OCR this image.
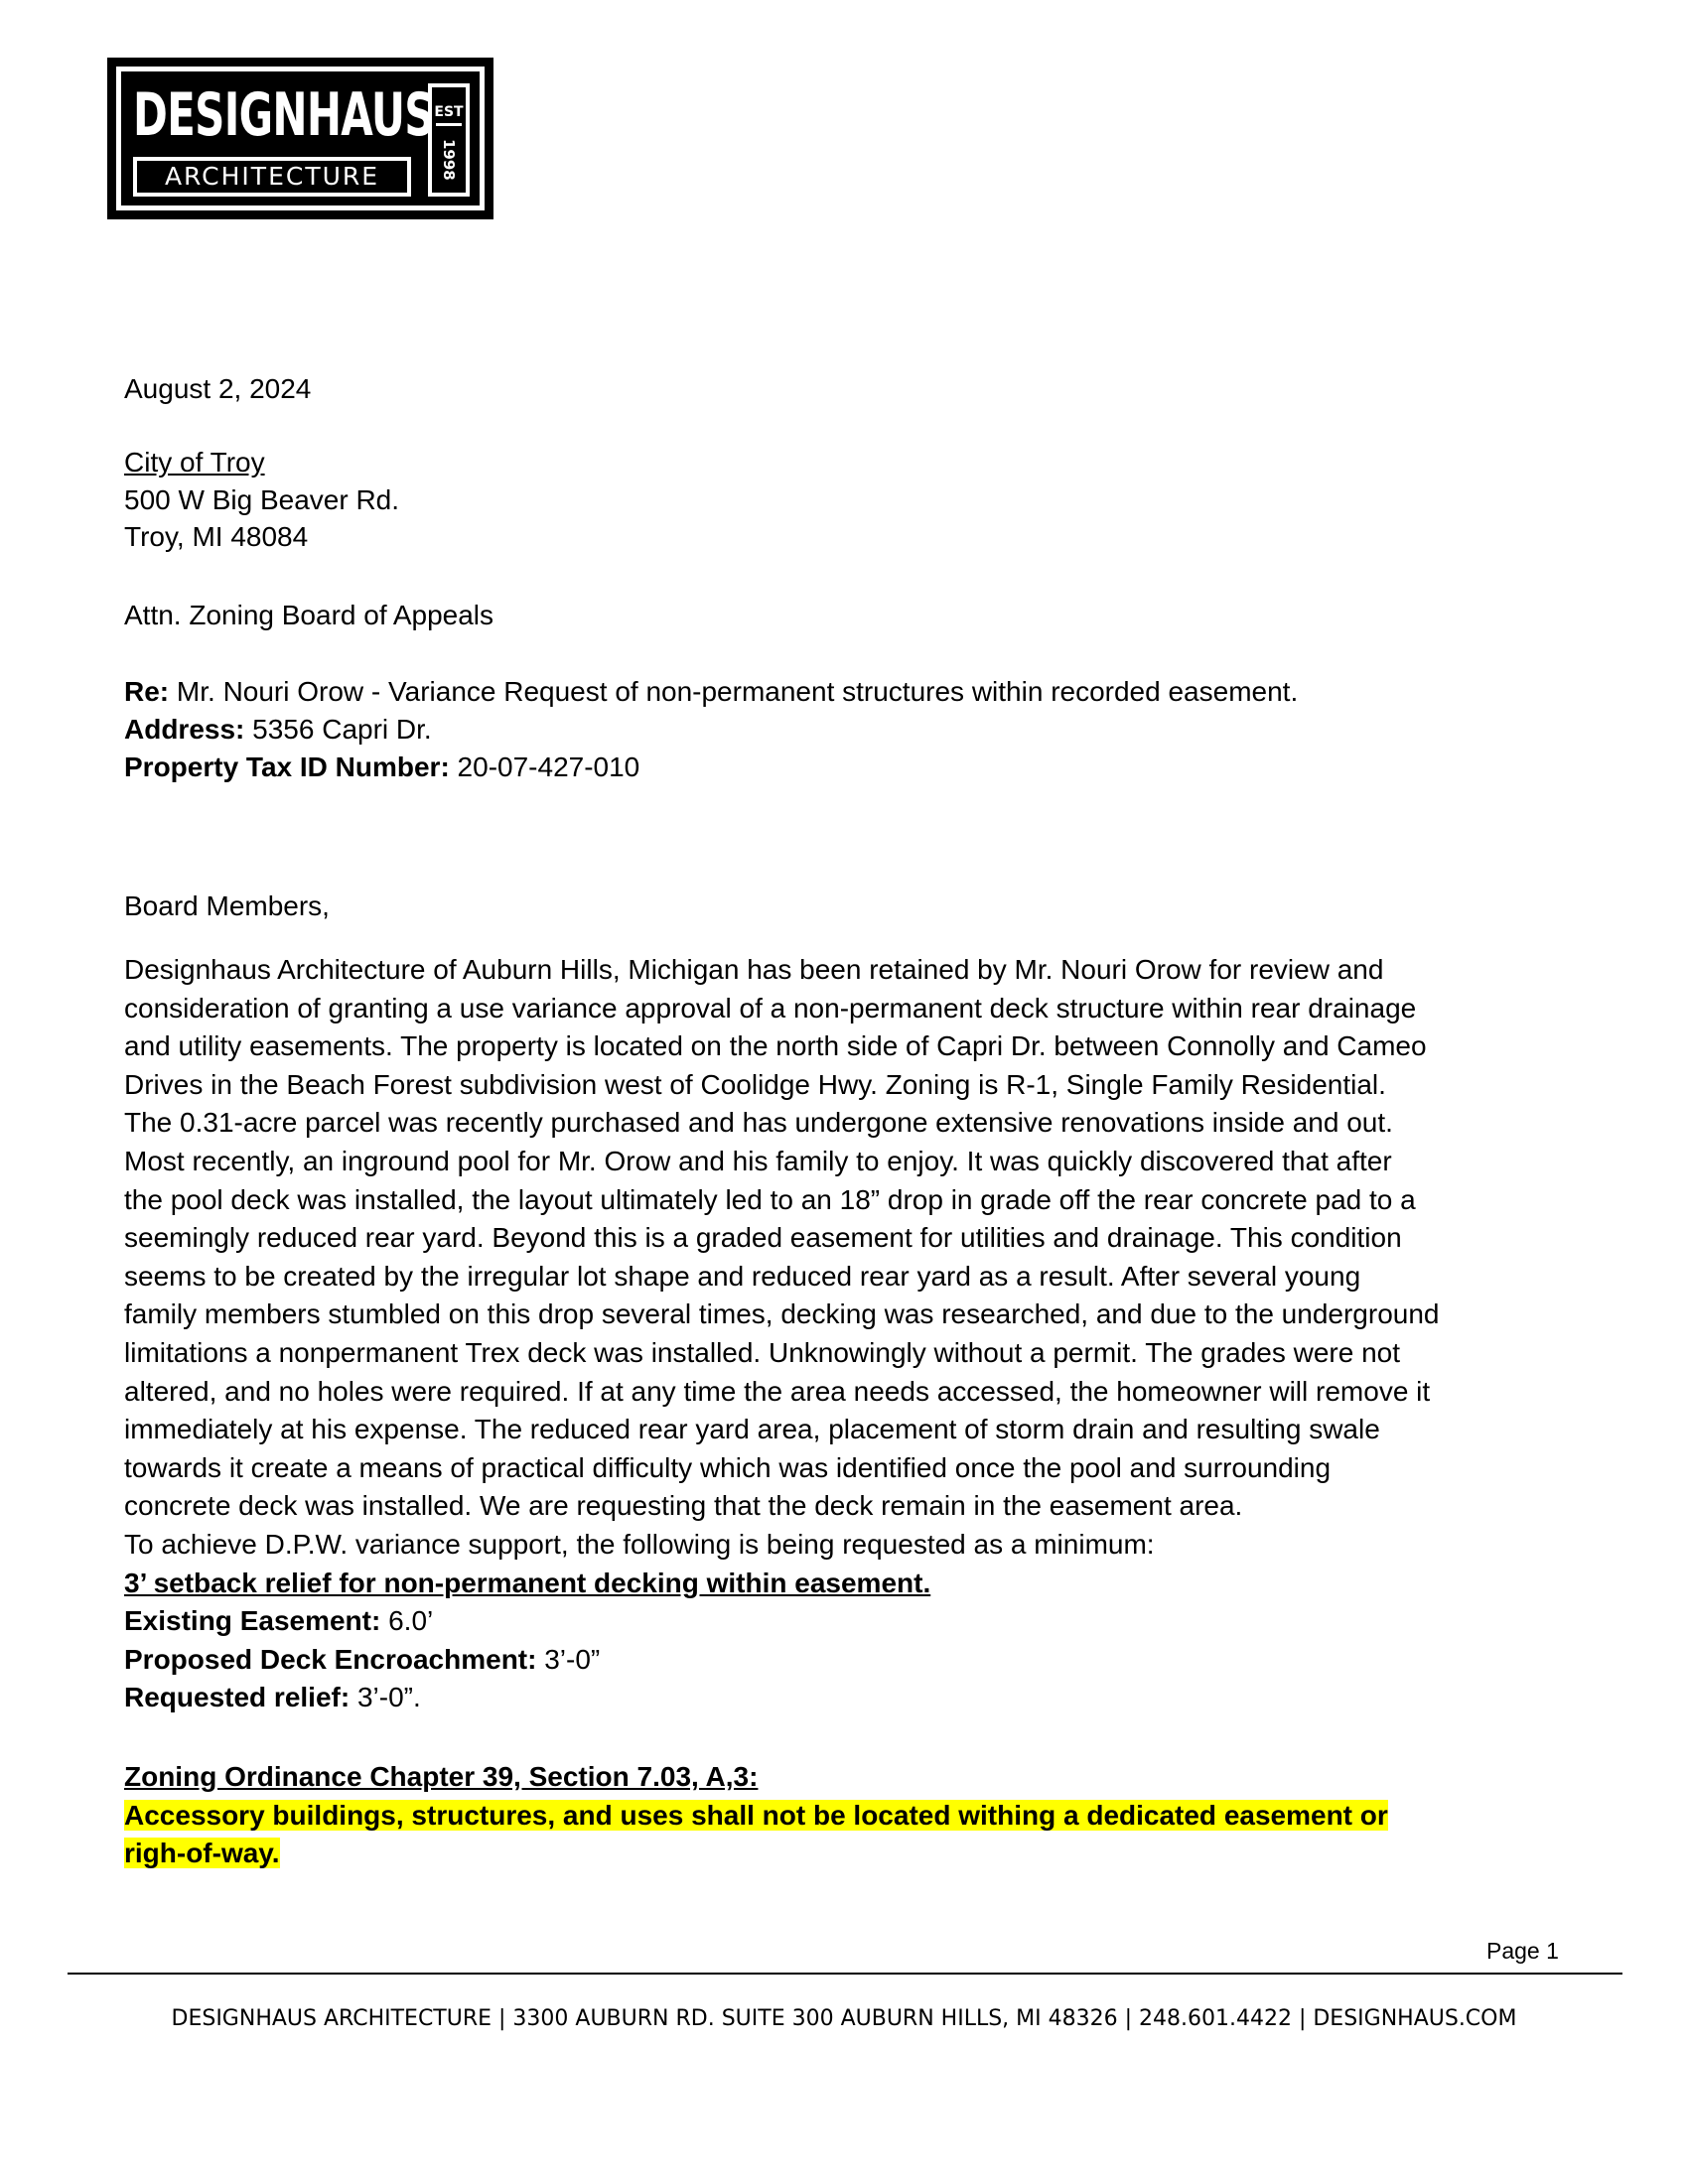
DESIGNHAUS
ARCHITECTURE
EST
1998
August 2, 2024
City of Troy
500 W Big Beaver Rd.
Troy, MI 48084
Attn. Zoning Board of Appeals
Re: Mr. Nouri Orow - Variance Request of non-permanent structures within recorded easement.
Address: 5356 Capri Dr.
Property Tax ID Number: 20-07-427-010
Board Members,
Designhaus Architecture of Auburn Hills, Michigan has been retained by Mr. Nouri Orow for review and
consideration of granting a use variance approval of a non-permanent deck structure within rear drainage
and utility easements. The property is located on the north side of Capri Dr. between Connolly and Cameo
Drives in the Beach Forest subdivision west of Coolidge Hwy. Zoning is R-1, Single Family Residential.
The 0.31-acre parcel was recently purchased and has undergone extensive renovations inside and out.
Most recently, an inground pool for Mr. Orow and his family to enjoy. It was quickly discovered that after
the pool deck was installed, the layout ultimately led to an 18” drop in grade off the rear concrete pad to a
seemingly reduced rear yard. Beyond this is a graded easement for utilities and drainage. This condition
seems to be created by the irregular lot shape and reduced rear yard as a result. After several young
family members stumbled on this drop several times, decking was researched, and due to the underground
limitations a nonpermanent Trex deck was installed. Unknowingly without a permit. The grades were not
altered, and no holes were required. If at any time the area needs accessed, the homeowner will remove it
immediately at his expense. The reduced rear yard area, placement of storm drain and resulting swale
towards it create a means of practical difficulty which was identified once the pool and surrounding
concrete deck was installed. We are requesting that the deck remain in the easement area.
To achieve D.P.W. variance support, the following is being requested as a minimum:
3’ setback relief for non-permanent decking within easement.
Existing Easement: 6.0’
Proposed Deck Encroachment: 3’-0”
Requested relief: 3’-0”.
Zoning Ordinance Chapter 39, Section 7.03, A,3:
Accessory buildings, structures, and uses shall not be located withing a dedicated easement or
righ-of-way.
Page 1
DESIGNHAUS ARCHITECTURE | 3300 AUBURN RD. SUITE 300 AUBURN HILLS, MI 48326 | 248.601.4422 | DESIGNHAUS.COM
